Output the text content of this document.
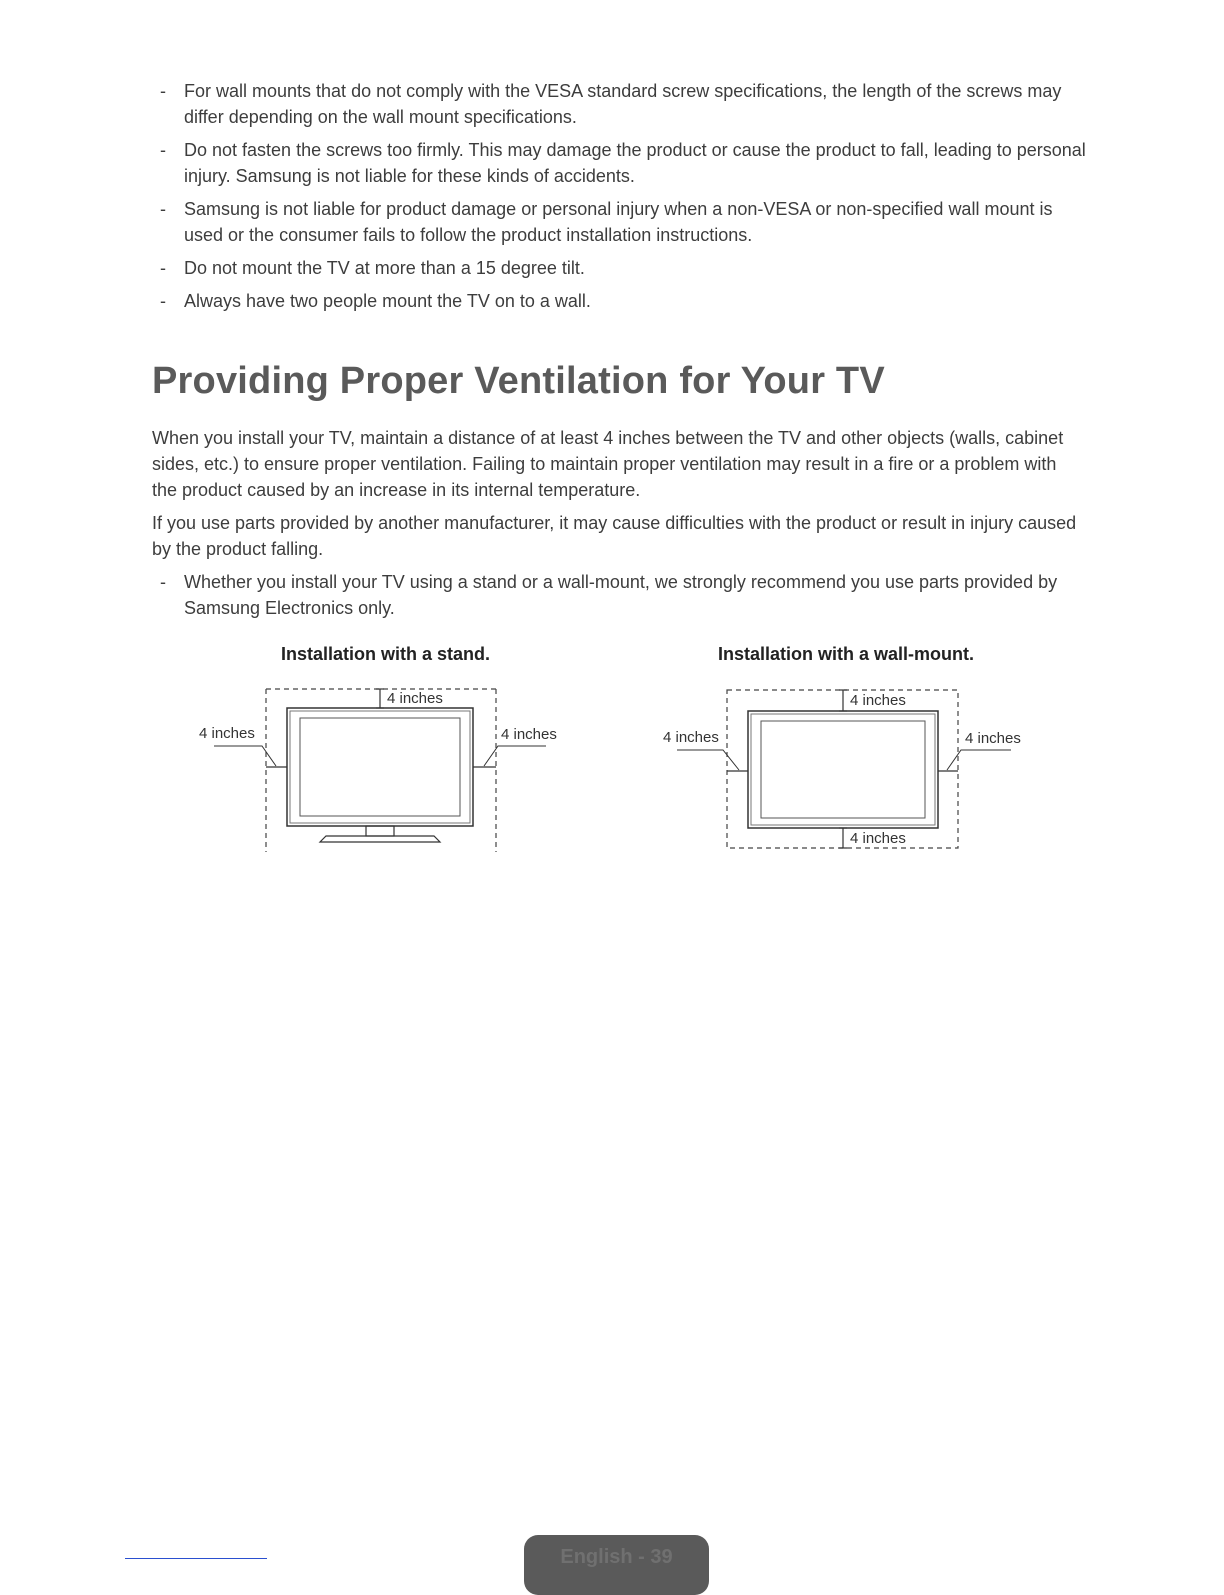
- For wall mounts that do not comply with the VESA standard screw specifications, the length of the screws may differ depending on the wall mount specifications.
- Do not fasten the screws too firmly. This may damage the product or cause the product to fall, leading to personal injury. Samsung is not liable for these kinds of accidents.
- Samsung is not liable for product damage or personal injury when a non-VESA or non-specified wall mount is used or the consumer fails to follow the product installation instructions.
- Do not mount the TV at more than a 15 degree tilt.
- Always have two people mount the TV on to a wall.
Providing Proper Ventilation for Your TV

When you install your TV, maintain a distance of at least 4 inches between the TV and other objects (walls, cabinet sides, etc.) to ensure proper ventilation. Failing to maintain proper ventilation may result in a fire or a problem with the product caused by an increase in its internal temperature.

If you use parts provided by another manufacturer, it may cause difficulties with the product or result in injury caused by the product falling.

- Whether you install your TV using a stand or a wall-mount, we strongly recommend you use parts provided by Samsung Electronics only.
Installation with a stand.	Installation with a wall-mount.
4 inches
4 inches	4 inches
4 inches
4 inches
4 inches	4 inches
English - 39
